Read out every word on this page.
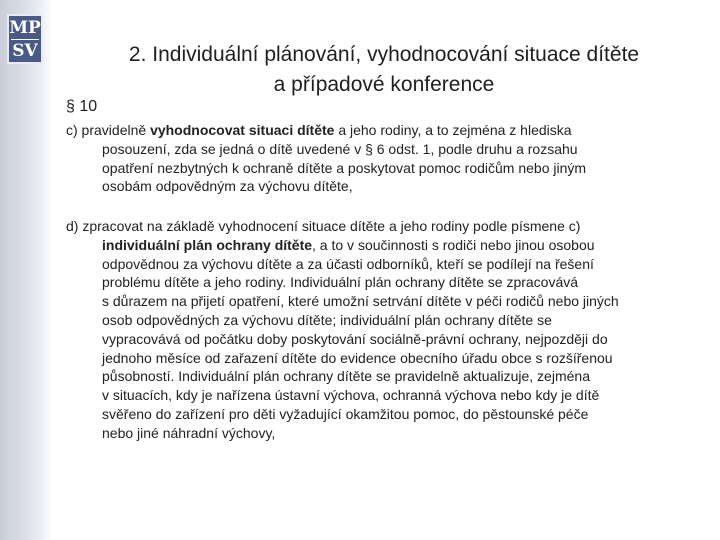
MP
SV	2. Individuální plánování, vyhodnocování situace dítěte
a případové konference
§ 10
c) pravidelně vyhodnocovat situaci dítěte a jeho rodiny, a to zejména z hlediska
posouzení, zda se jedná o dítě uvedené v § 6 odst. 1, podle druhu a rozsahu
opatření nezbytných k ochraně dítěte a poskytovat pomoc rodičům nebo jiným
osobám odpovědným za výchovu dítěte,
d) zpracovat na základě vyhodnocení situace dítěte a jeho rodiny podle písmene c)
individuální plán ochrany dítěte, a to v součinnosti s rodiči nebo jinou osobou
odpovědnou za výchovu dítěte a za účasti odborníků, kteří se podílejí na řešení
problému dítěte a jeho rodiny. Individuální plán ochrany dítěte se zpracovává
s důrazem na přijetí opatření, které umožní setrvání dítěte v péči rodičů nebo jiných
osob odpovědných za výchovu dítěte; individuální plán ochrany dítěte se
vypracovává od počátku doby poskytování sociálně-právní ochrany, nejpozději do
jednoho měsíce od zařazení dítěte do evidence obecního úřadu obce s rozšířenou
působností. Individuální plán ochrany dítěte se pravidelně aktualizuje, zejména
v situacích, kdy je nařízena ústavní výchova, ochranná výchova nebo kdy je dítě
svěřeno do zařízení pro děti vyžadující okamžitou pomoc, do pěstounské péče
nebo jiné náhradní výchovy,
